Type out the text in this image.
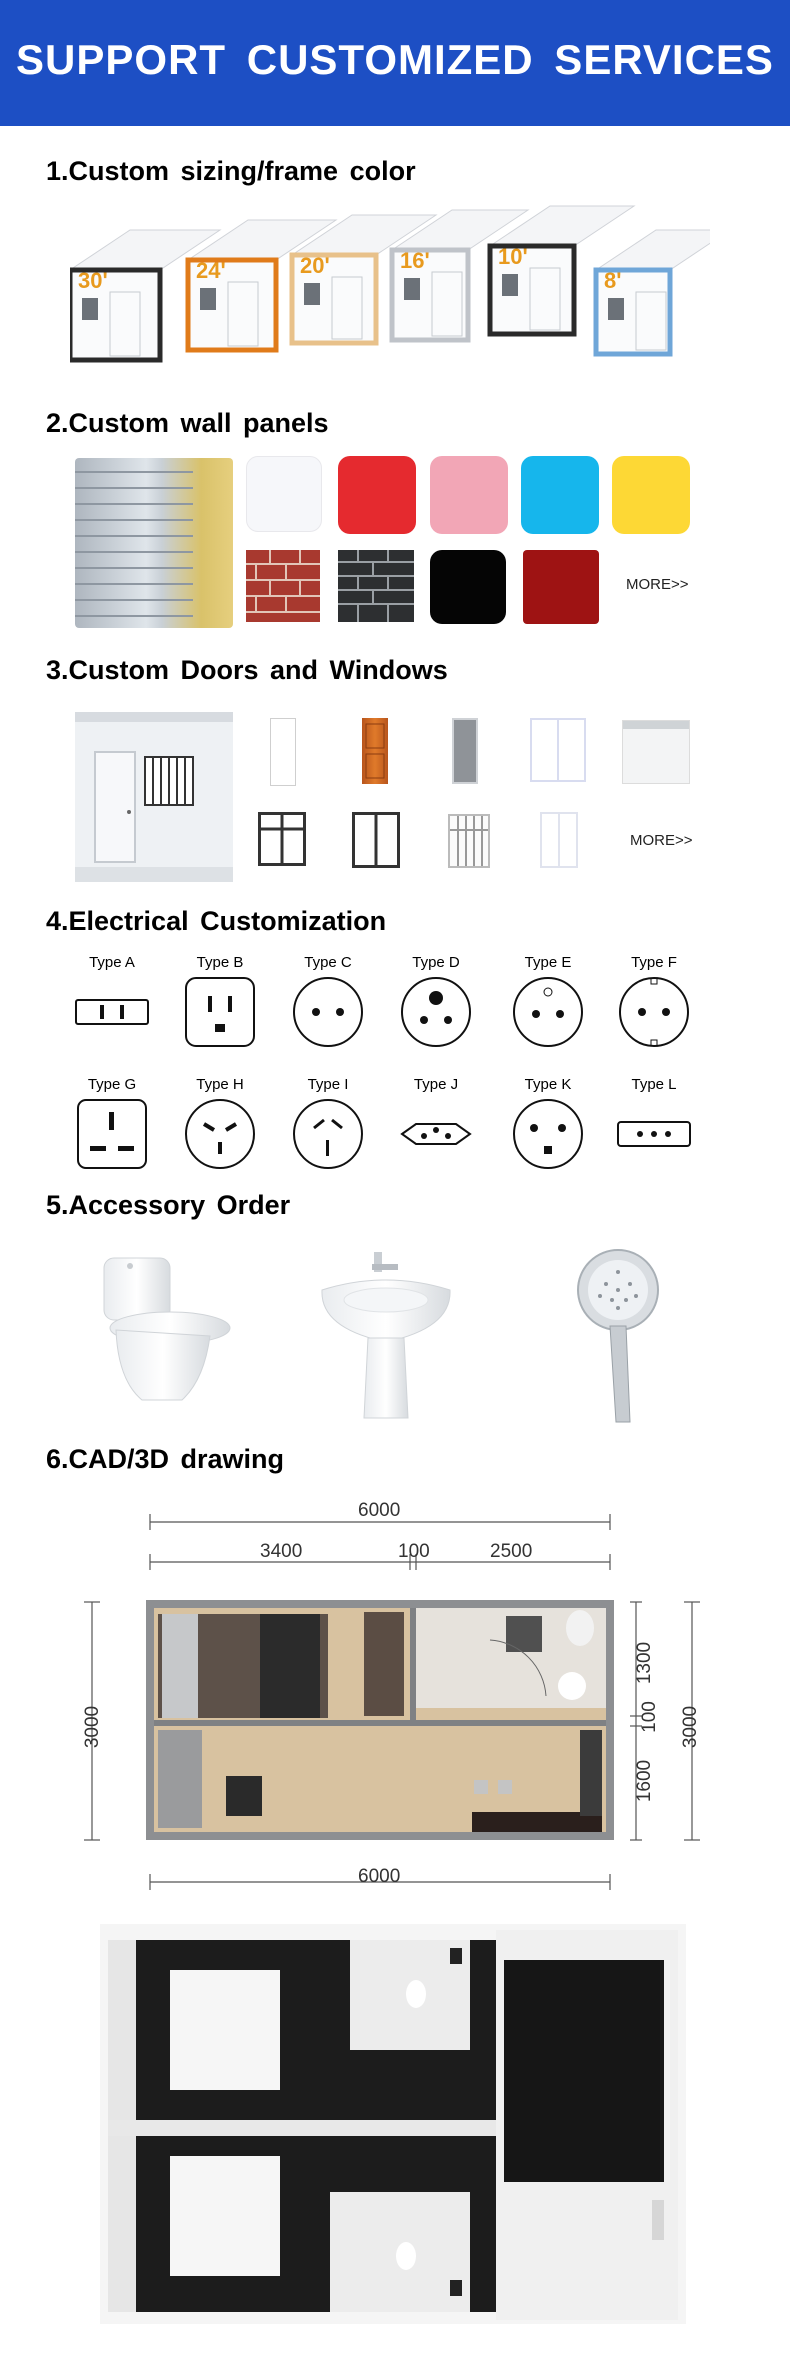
SUPPORT CUSTOMIZED SERVICES
1.Custom sizing/frame color
30'	24'	20'	16'	10'
8'
2.Custom wall panels
MORE>>
3.Custom Doors and Windows
MORE>>
4.Electrical Customization
Type A	Type B	Type C	Type D	Type E	Type F
Type G	Type H	Type I	Type J	Type K	Type L
5.Accessory Order
6.CAD/3D drawing
6000
3400	100	2500
3000
1300
100
1600
3000
6000
